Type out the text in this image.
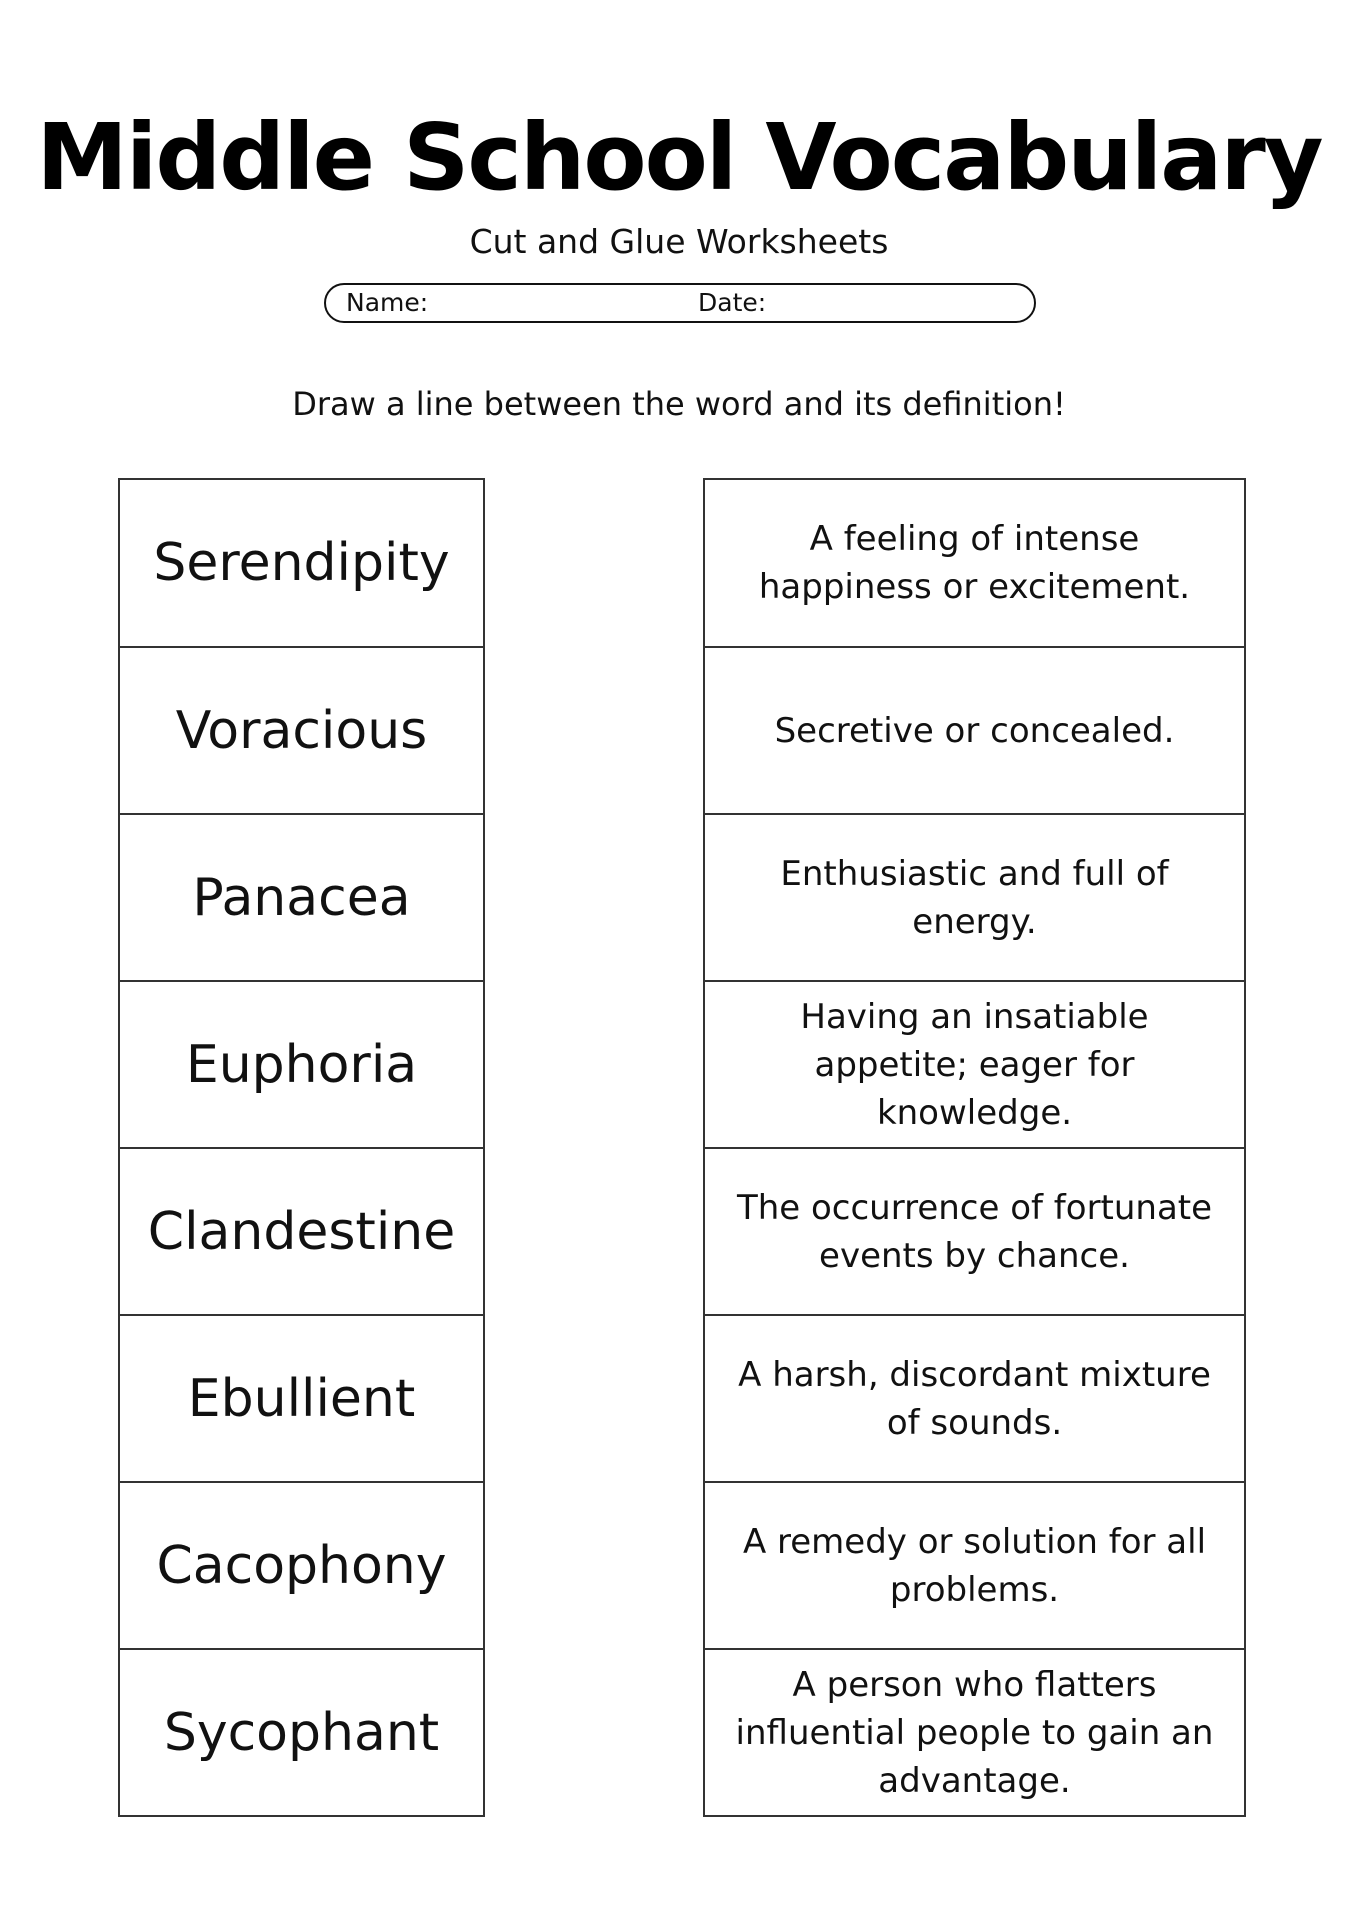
Middle School Vocabulary
Cut and Glue Worksheets
Name:	Date:
Draw a line between the word and its definition!
Serendipity
Voracious
Panacea
Euphoria
Clandestine
Ebullient
Cacophony
Sycophant
A feeling of intense happiness or excitement.
Secretive or concealed.
Enthusiastic and full of energy.
Having an insatiable appetite; eager for knowledge.
The occurrence of fortunate events by chance.
A harsh, discordant mixture of sounds.
A remedy or solution for all problems.
A person who flatters influential people to gain an advantage.
